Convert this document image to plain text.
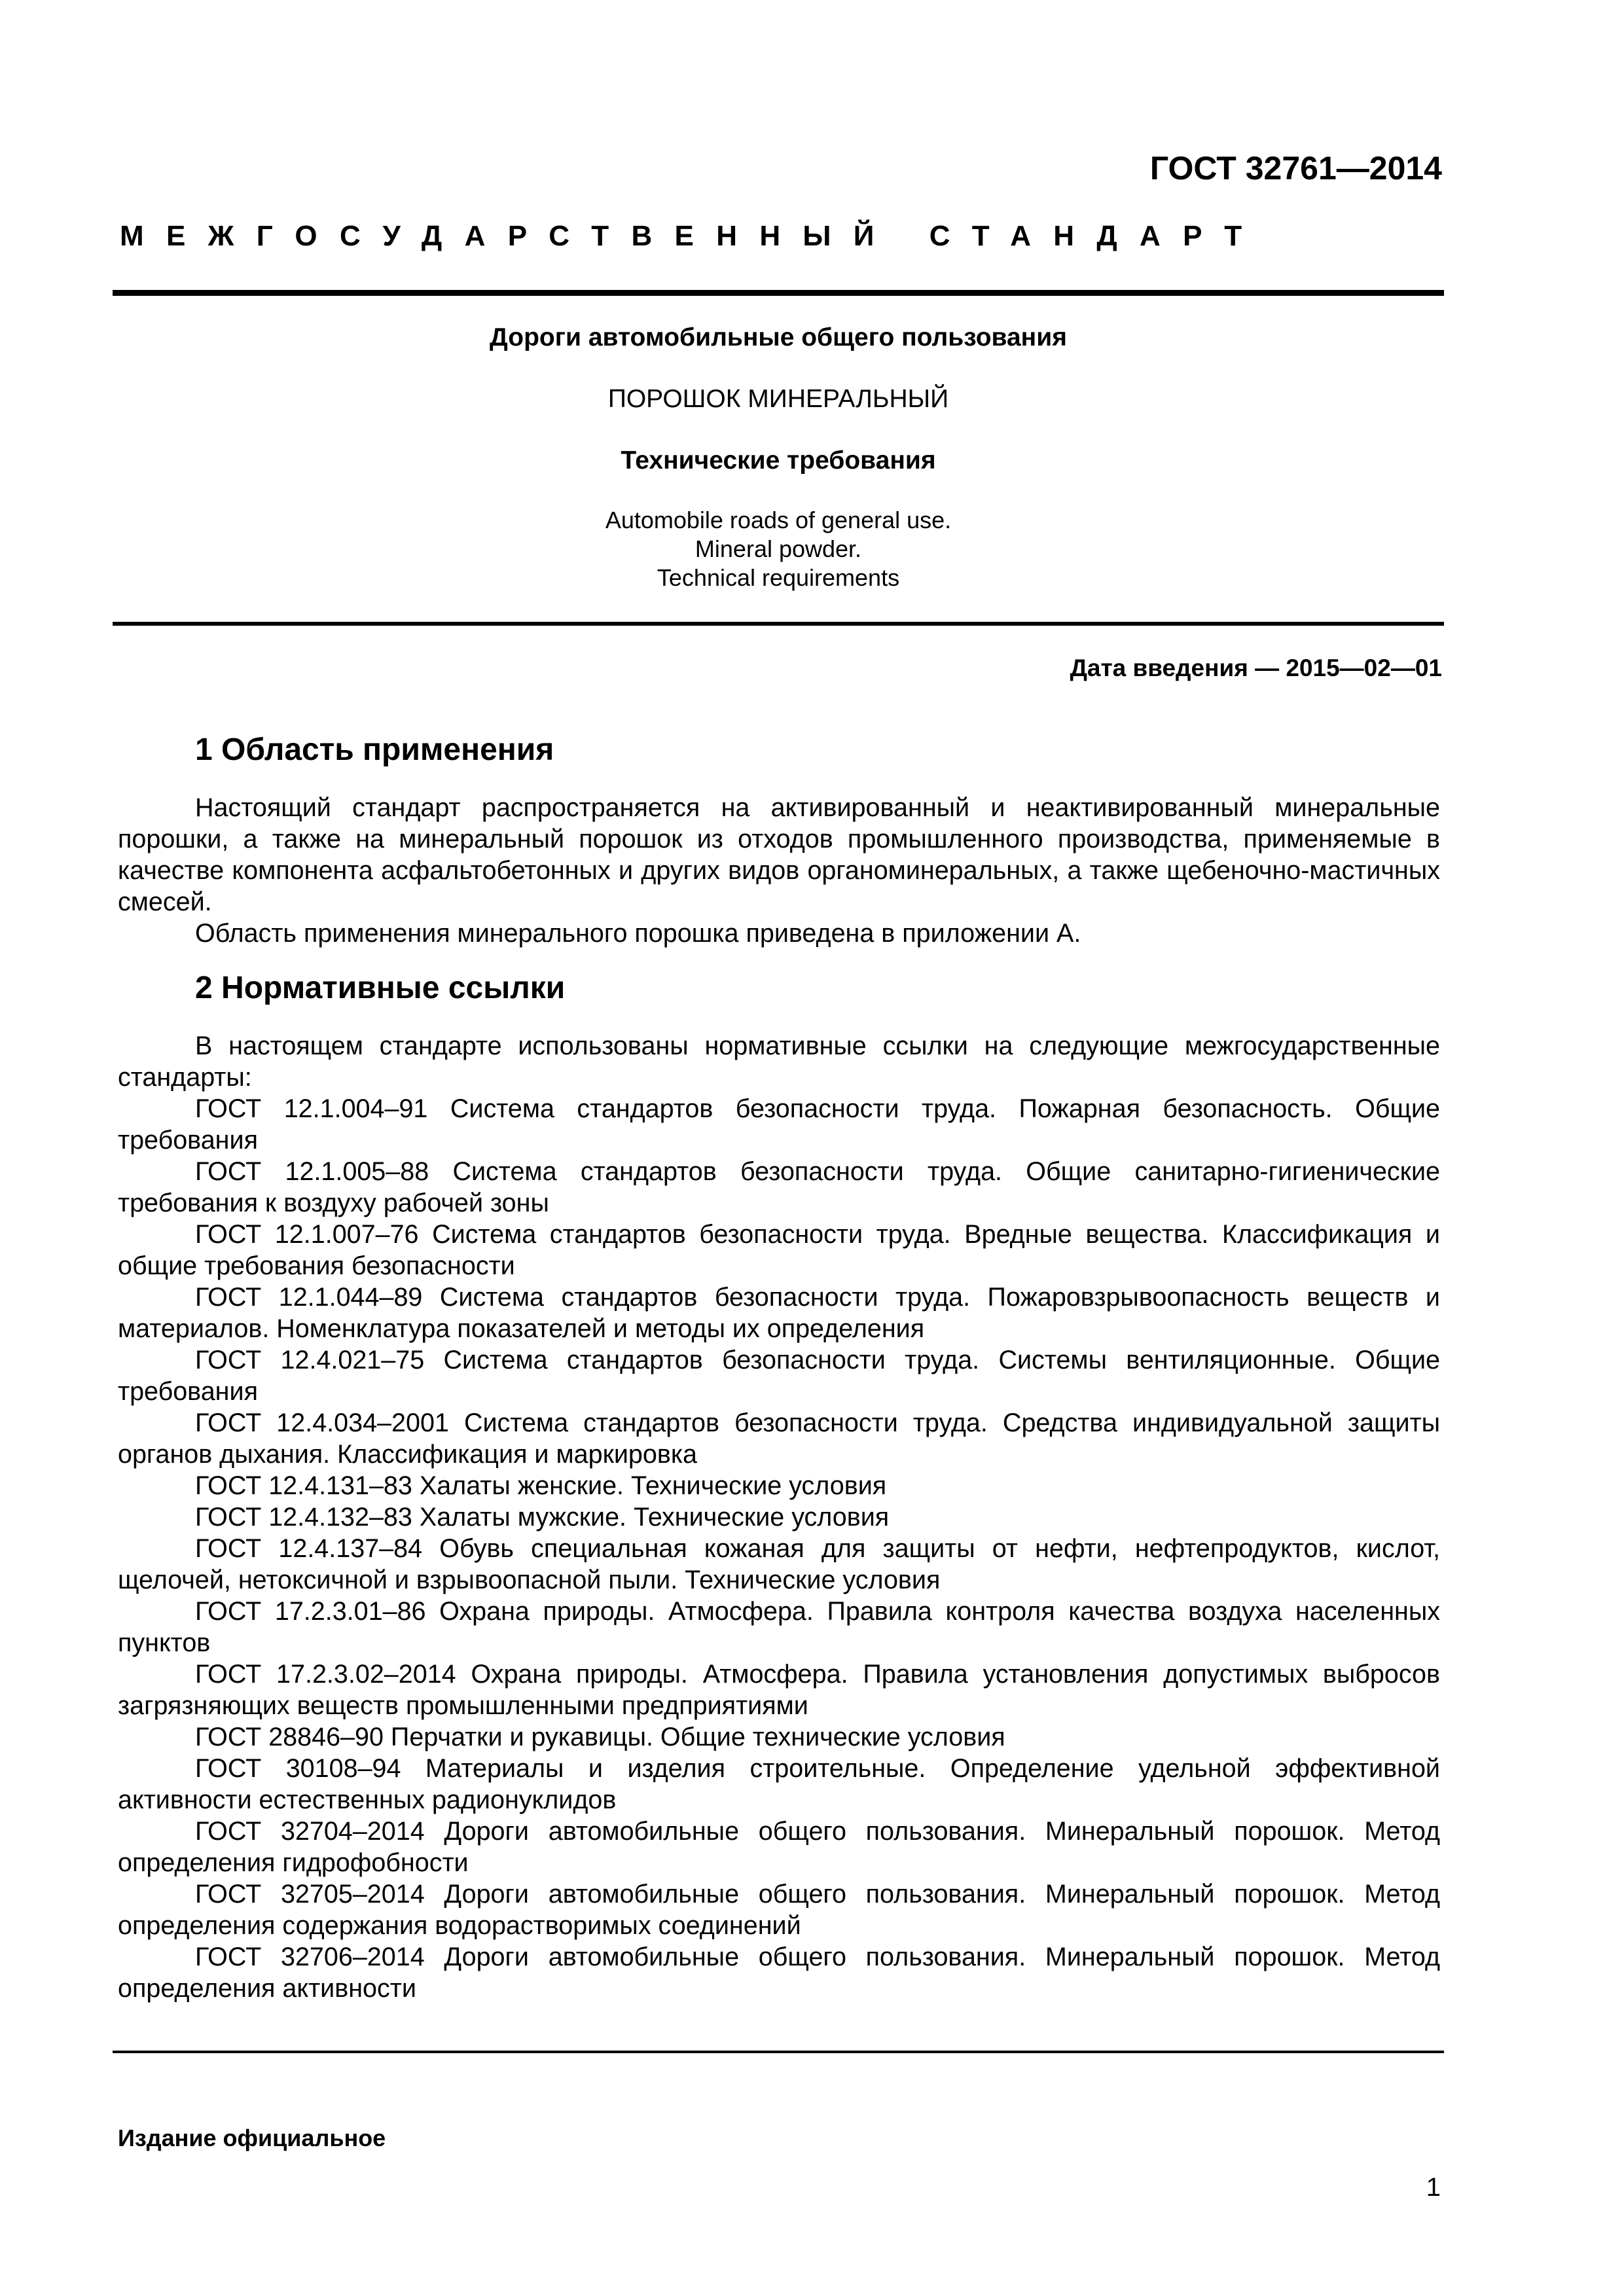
ГОСТ 32761—2014
МЕЖГОСУДАРСТВЕННЫЙ СТАНДАРТ
Дороги автомобильные общего пользования
ПОРОШОК МИНЕРАЛЬНЫЙ
Технические требования
Automobile roads of general use.
Mineral powder.
Technical requirements
Дата введения — 2015—02—01
1 Область применения

Настоящий стандарт распространяется на активированный и неактивированный минеральные порошки, а также на минеральный порошок из отходов промышленного производства, применяемые в качестве компонента асфальтобетонных и других видов органоминеральных, а также щебеночно-мастичных смесей.

Область применения минерального порошка приведена в приложении А.

2 Нормативные ссылки

В настоящем стандарте использованы нормативные ссылки на следующие межгосударственные стандарты:

ГОСТ 12.1.004–91 Система стандартов безопасности труда. Пожарная безопасность. Общие требования

ГОСТ 12.1.005–88 Система стандартов безопасности труда. Общие санитарно-гигиенические требования к воздуху рабочей зоны

ГОСТ 12.1.007–76 Система стандартов безопасности труда. Вредные вещества. Классификация и общие требования безопасности

ГОСТ 12.1.044–89 Система стандартов безопасности труда. Пожаровзрывоопасность веществ и материалов. Номенклатура показателей и методы их определения

ГОСТ 12.4.021–75 Система стандартов безопасности труда. Системы вентиляционные. Общие требования

ГОСТ 12.4.034–2001 Система стандартов безопасности труда. Средства индивидуальной защиты органов дыхания. Классификация и маркировка

ГОСТ 12.4.131–83 Халаты женские. Технические условия

ГОСТ 12.4.132–83 Халаты мужские. Технические условия

ГОСТ 12.4.137–84 Обувь специальная кожаная для защиты от нефти, нефтепродуктов, кислот, щелочей, нетоксичной и взрывоопасной пыли. Технические условия

ГОСТ 17.2.3.01–86 Охрана природы. Атмосфера. Правила контроля качества воздуха населенных пунктов

ГОСТ 17.2.3.02–2014 Охрана природы. Атмосфера. Правила установления допустимых выбросов загрязняющих веществ промышленными предприятиями

ГОСТ 28846–90 Перчатки и рукавицы. Общие технические условия

ГОСТ 30108–94 Материалы и изделия строительные. Определение удельной эффективной активности естественных радионуклидов

ГОСТ 32704–2014 Дороги автомобильные общего пользования. Минеральный порошок. Метод определения гидрофобности

ГОСТ 32705–2014 Дороги автомобильные общего пользования. Минеральный порошок. Метод определения содержания водорастворимых соединений

ГОСТ 32706–2014 Дороги автомобильные общего пользования. Минеральный порошок. Метод определения активности

Издание официальное
1
